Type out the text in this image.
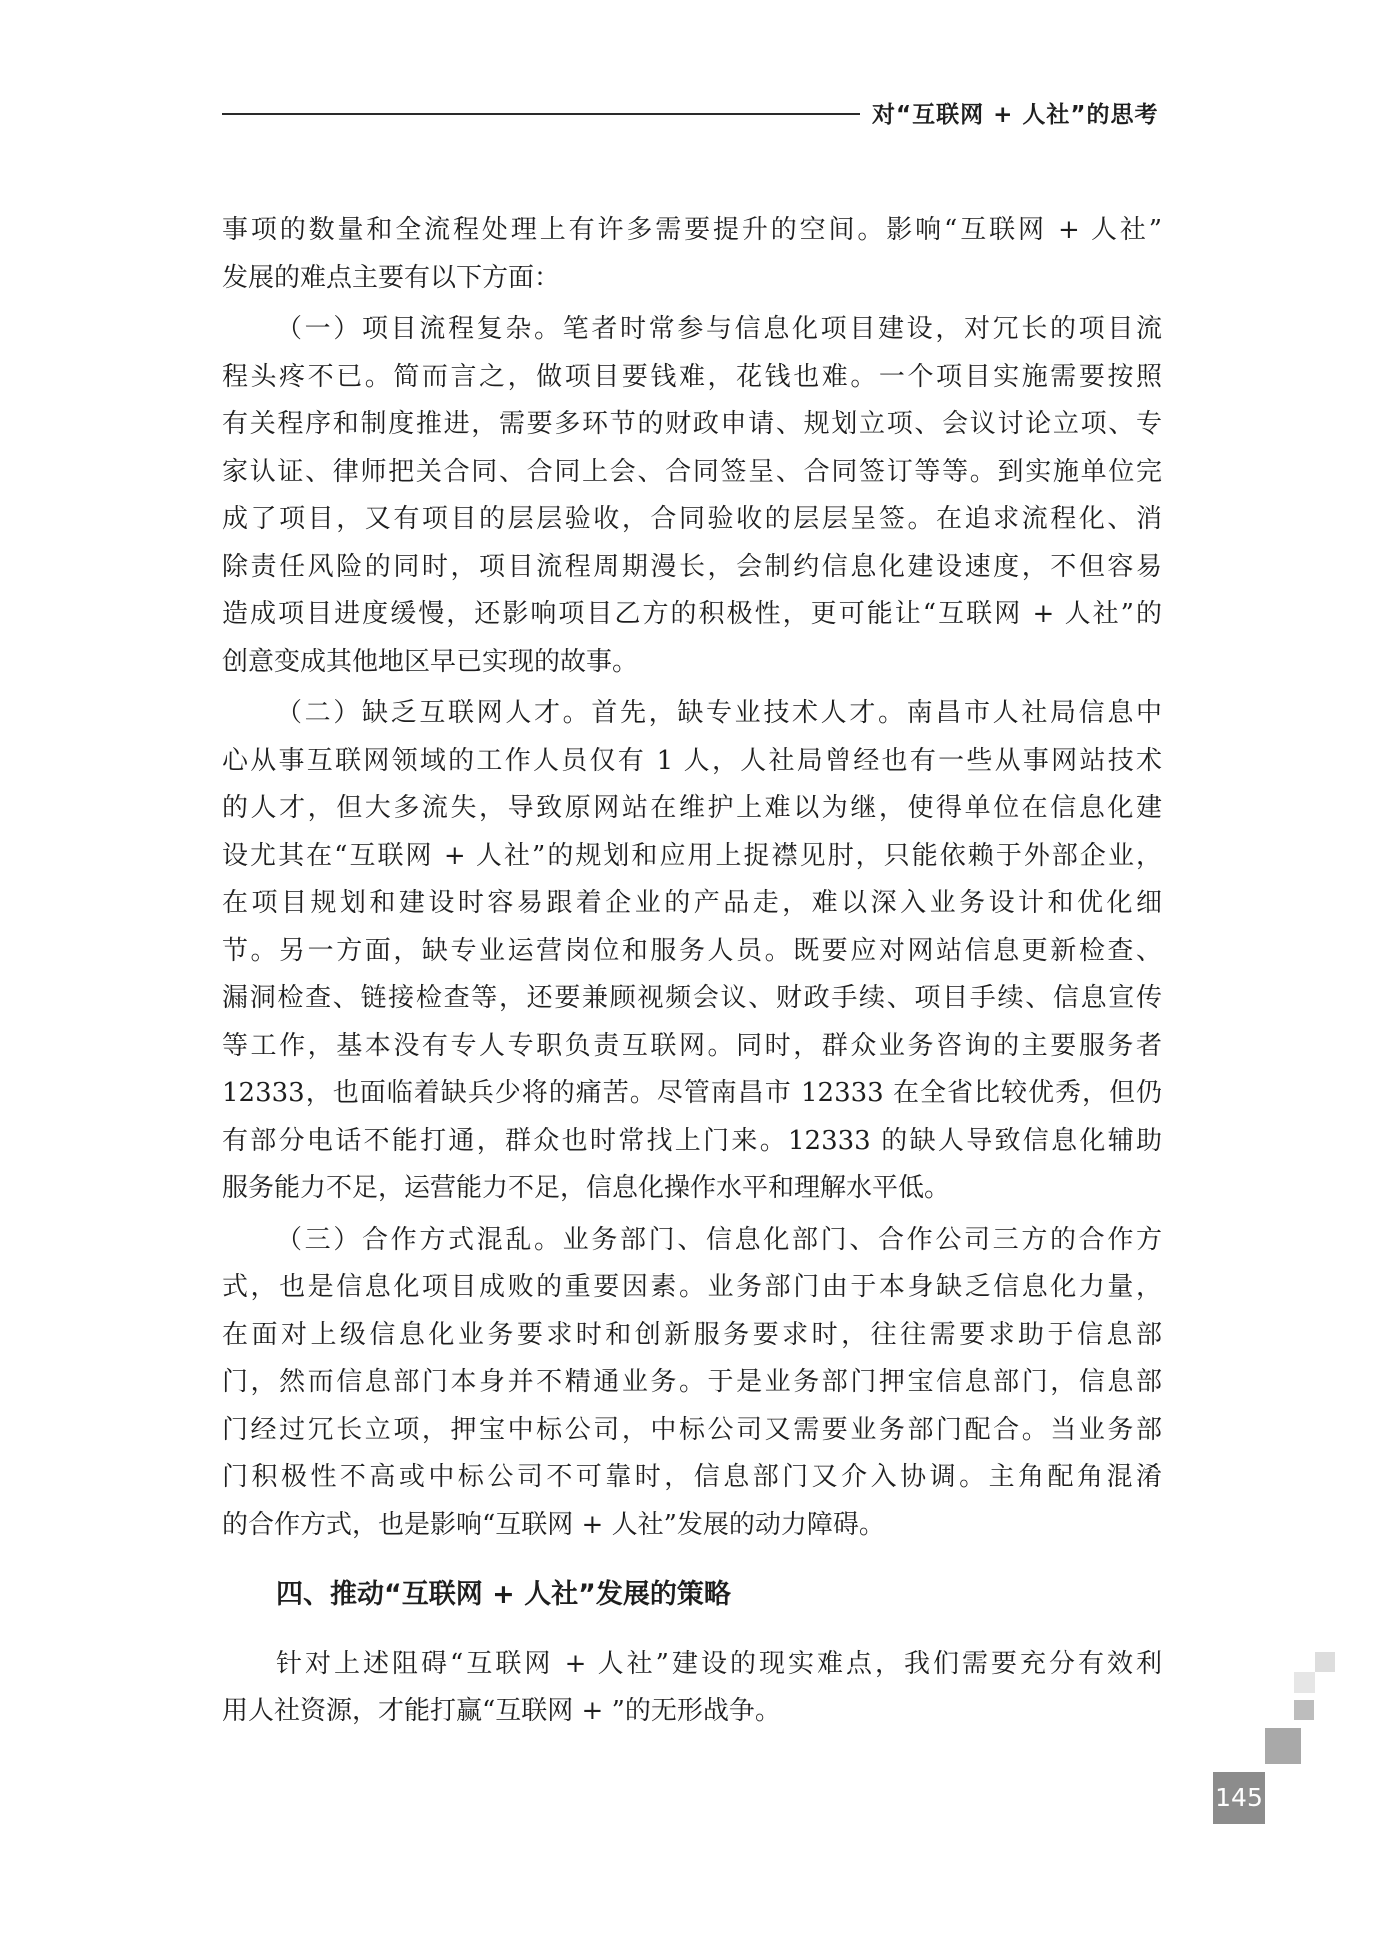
对“互联网 + 人社”的思考
事项的数量和全流程处理上有许多需要提升的空间。影响“互联网 + 人社”
发展的难点主要有以下方面：
（一）项目流程复杂。笔者时常参与信息化项目建设，对冗长的项目流
程头疼不已。简而言之，做项目要钱难，花钱也难。一个项目实施需要按照
有关程序和制度推进，需要多环节的财政申请、规划立项、会议讨论立项、专
家认证、律师把关合同、合同上会、合同签呈、合同签订等等。到实施单位完
成了项目，又有项目的层层验收，合同验收的层层呈签。在追求流程化、消
除责任风险的同时，项目流程周期漫长，会制约信息化建设速度，不但容易
造成项目进度缓慢，还影响项目乙方的积极性，更可能让“互联网 + 人社”的
创意变成其他地区早已实现的故事。
（二）缺乏互联网人才。首先，缺专业技术人才。南昌市人社局信息中
心从事互联网领域的工作人员仅有 1 人，人社局曾经也有一些从事网站技术
的人才，但大多流失，导致原网站在维护上难以为继，使得单位在信息化建
设尤其在“互联网 + 人社”的规划和应用上捉襟见肘，只能依赖于外部企业，
在项目规划和建设时容易跟着企业的产品走，难以深入业务设计和优化细
节。另一方面，缺专业运营岗位和服务人员。既要应对网站信息更新检查、
漏洞检查、链接检查等，还要兼顾视频会议、财政手续、项目手续、信息宣传
等工作，基本没有专人专职负责互联网。同时，群众业务咨询的主要服务者
12333，也面临着缺兵少将的痛苦。尽管南昌市 12333 在全省比较优秀，但仍
有部分电话不能打通，群众也时常找上门来。12333 的缺人导致信息化辅助
服务能力不足，运营能力不足，信息化操作水平和理解水平低。
（三）合作方式混乱。业务部门、信息化部门、合作公司三方的合作方
式，也是信息化项目成败的重要因素。业务部门由于本身缺乏信息化力量，
在面对上级信息化业务要求时和创新服务要求时，往往需要求助于信息部
门，然而信息部门本身并不精通业务。于是业务部门押宝信息部门，信息部
门经过冗长立项，押宝中标公司，中标公司又需要业务部门配合。当业务部
门积极性不高或中标公司不可靠时，信息部门又介入协调。主角配角混淆
的合作方式，也是影响“互联网 + 人社”发展的动力障碍。
四、推动“互联网 + 人社”发展的策略
针对上述阻碍“互联网 + 人社”建设的现实难点，我们需要充分有效利
用人社资源，才能打赢“互联网 + ”的无形战争。
145
